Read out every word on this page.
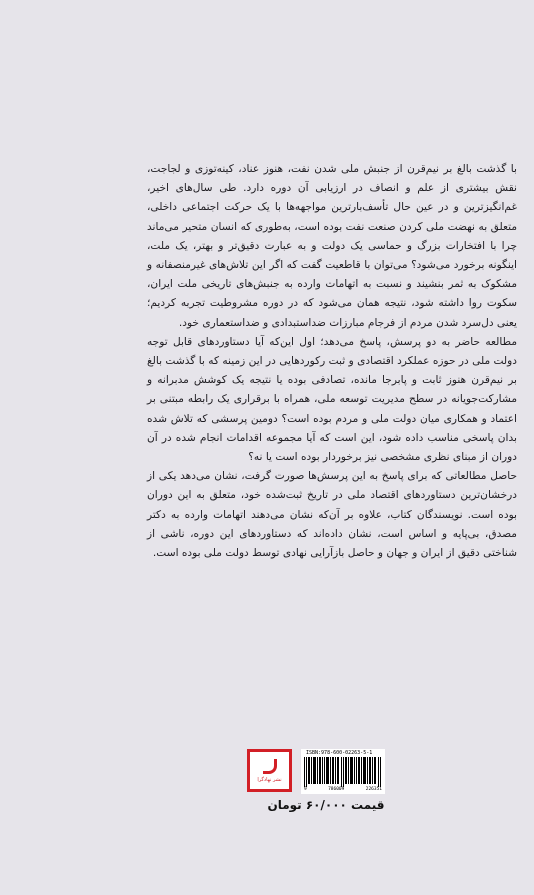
با گذشت بالغ بر نیم‌قرن از جنبش ملی شدن نفت، هنوز عناد، کینه‌توزی و لجاجت، نقش بیشتری از علم و انصاف در ارزیابی آن دوره دارد. طی سال‌های اخیر، غم‌انگیزترین و در عین حال تأسف‌بارترین مواجهه‌ها با یک حرکت اجتماعی داخلی، متعلق به نهضت ملی کردن صنعت نفت بوده است، به‌طوری که انسان متحیر می‌ماند چرا با افتخارات بزرگ و حماسی یک دولت و به عبارت دقیق‌تر و بهتر، یک ملت، اینگونه برخورد می‌شود؟ می‌توان با قاطعیت گفت که اگر این تلاش‌های غیرمنصفانه و مشکوک به ثمر بنشیند و نسبت به اتهامات وارده به جنبش‌های تاریخی ملت ایران، سکوت روا داشته شود، نتیجه همان می‌شود که در دوره مشروطیت تجربه کردیم؛ یعنی دل‌سرد شدن مردم از فرجام مبارزات ضداستبدادی و ضداستعماری خود.

مطالعه حاضر به دو پرسش، پاسخ می‌دهد؛ اول این‌که آیا دستاوردهای قابل توجه دولت ملی در حوزه عملکرد اقتصادی و ثبت رکوردهایی در این زمینه که با گذشت بالغ بر نیم‌قرن هنوز ثابت و پابرجا مانده، تصادفی بوده یا نتیجه یک کوشش مدبرانه و مشارکت‌جویانه در سطح مدیریت توسعه ملی، همراه با برقراری یک رابطه مبتنی بر اعتماد و همکاری میان دولت ملی و مردم بوده است؟ دومین پرسشی که تلاش شده بدان پاسخی مناسب داده شود، این است که آیا مجموعه اقدامات انجام شده در آن دوران از مبنای نظری مشخصی نیز برخوردار بوده است یا نه؟

حاصل مطالعاتی که برای پاسخ به این پرسش‌ها صورت گرفت، نشان می‌دهد یکی از درخشان‌ترین دستاوردهای اقتصاد ملی در تاریخ ثبت‌شده خود، متعلق به این دوران بوده است. نویسندگان کتاب، علاوه بر آن‌که نشان می‌دهند اتهامات وارده به دکتر مصدق، بی‌پایه و اساس است، نشان داده‌اند که دستاوردهای این دوره، ناشی از شناختی دقیق از ایران و جهان و حاصل بازآرایی نهادی توسط دولت ملی بوده است.

نشر نهادگرا
ISBN:978-600-02263-5-1
9	786009	226351
قیمت ۶۰/۰۰۰ تومان
